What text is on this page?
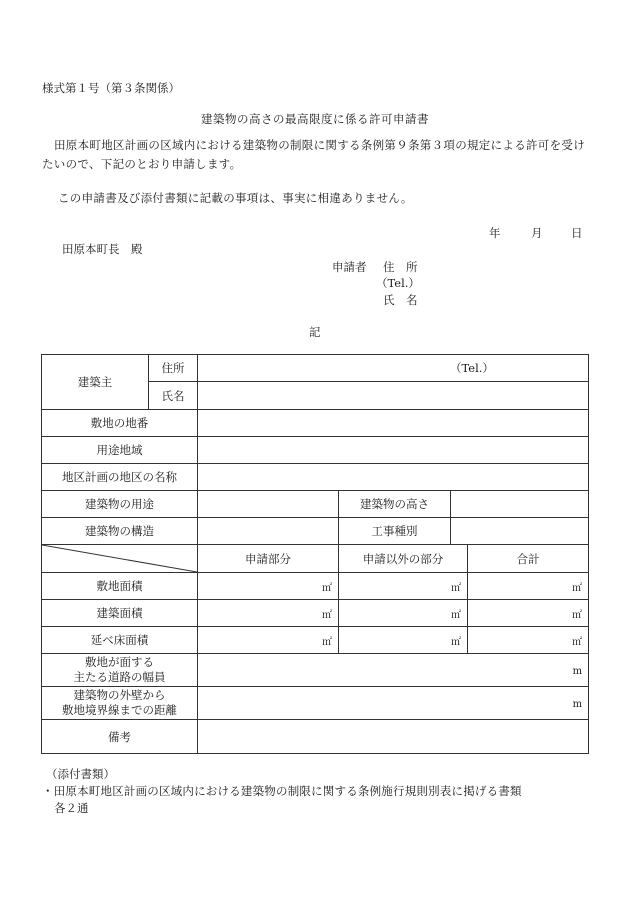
様式第１号（第３条関係）
建築物の高さの最高限度に係る許可申請書
田原本町地区計画の区域内における建築物の制限に関する条例第９条第３項の規定による許可を受けたいので、下記のとおり申請します。
この申請書及び添付書類に記載の事項は、事実に相違ありません。
年	月 日
田原本町長　殿
申請者 住　所
（Tel.）
氏　名
記
建築主	住所	（Tel.）			
	氏名				
敷地の地番					
用途地域					
地区計画の地区の名称					
建築物の用途			建築物の高さ		
建築物の構造			工事種別		

	申請部分	申請以外の部分		合計
敷地面積		㎡	㎡		㎡
建築面積		㎡	㎡		㎡
延べ床面積		㎡	㎡		㎡

敷地が面する
主たる道路の幅員		m			

建築物の外壁から
敷地境界線までの距離		m			
備考					
（添付書類）
・田原本町地区計画の区域内における建築物の制限に関する条例施行規則別表に掲げる書類
各２通
